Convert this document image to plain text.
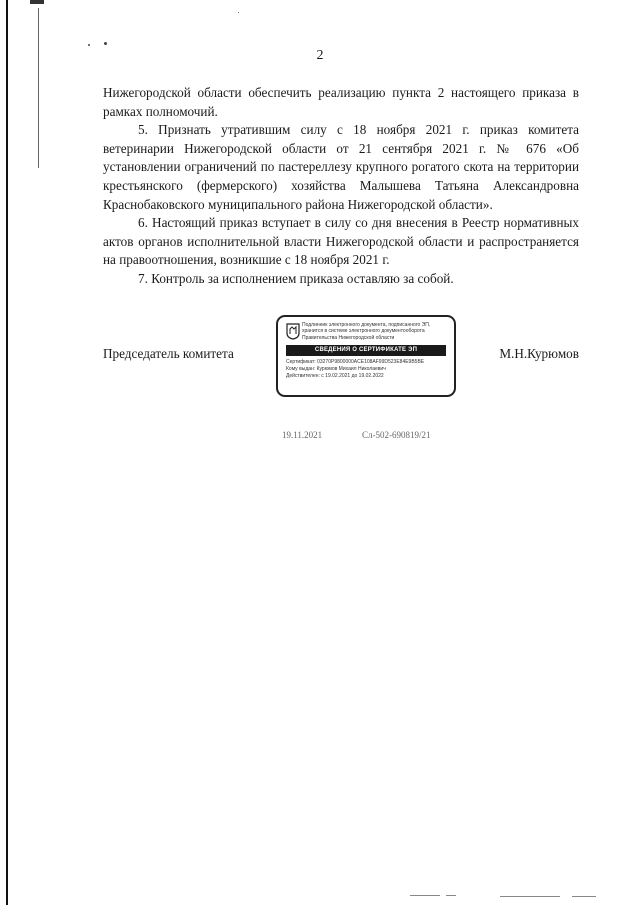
2

Нижегородской области обеспечить реализацию пункта 2 настоящего приказа в рамках полномочий.

5. Признать утратившим силу с 18 ноября 2021 г. приказ комитета ветеринарии Нижегородской области от 21 сентября 2021 г. № 676 «Об установлении ограничений по пастереллезу крупного рогатого скота на территории крестьянского (фермерского) хозяйства Малышева Татьяна Александровна Краснобаковского муниципального района Нижегородской области».

6. Настоящий приказ вступает в силу со дня внесения в Реестр нормативных актов органов исполнительной власти Нижегородской области и распространяется на правоотношения, возникшие с 18 ноября 2021 г.

7. Контроль за исполнением приказа оставляю за собой.

Председатель комитета
Подлинник электронного документа, подписанного ЭП,
хранится в системе электронного документооборота
Правительства Нижегородской области
СВЕДЕНИЯ О СЕРТИФИКАТЕ ЭП
Сертификат: 03270P9800000ACE108AF99D523E84E9B5BE
Кому выдан: Курюмов Михаил Николаевич
Действителен: с 19.02.2021 до 19.02.2022
М.Н.Курюмов
19.11.2021	Сл-502-690819/21
